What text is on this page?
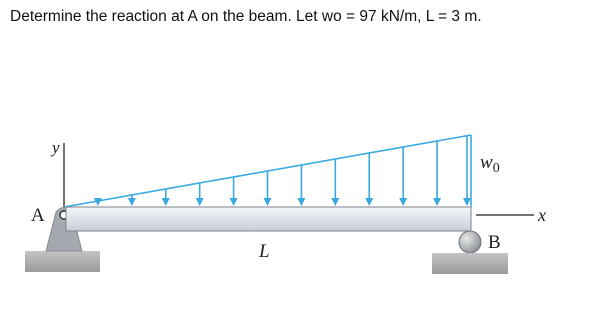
Determine the reaction at A on the beam. Let wo = 97 kN/m, L = 3 m.
y
x
A
B
L
$w_0$
